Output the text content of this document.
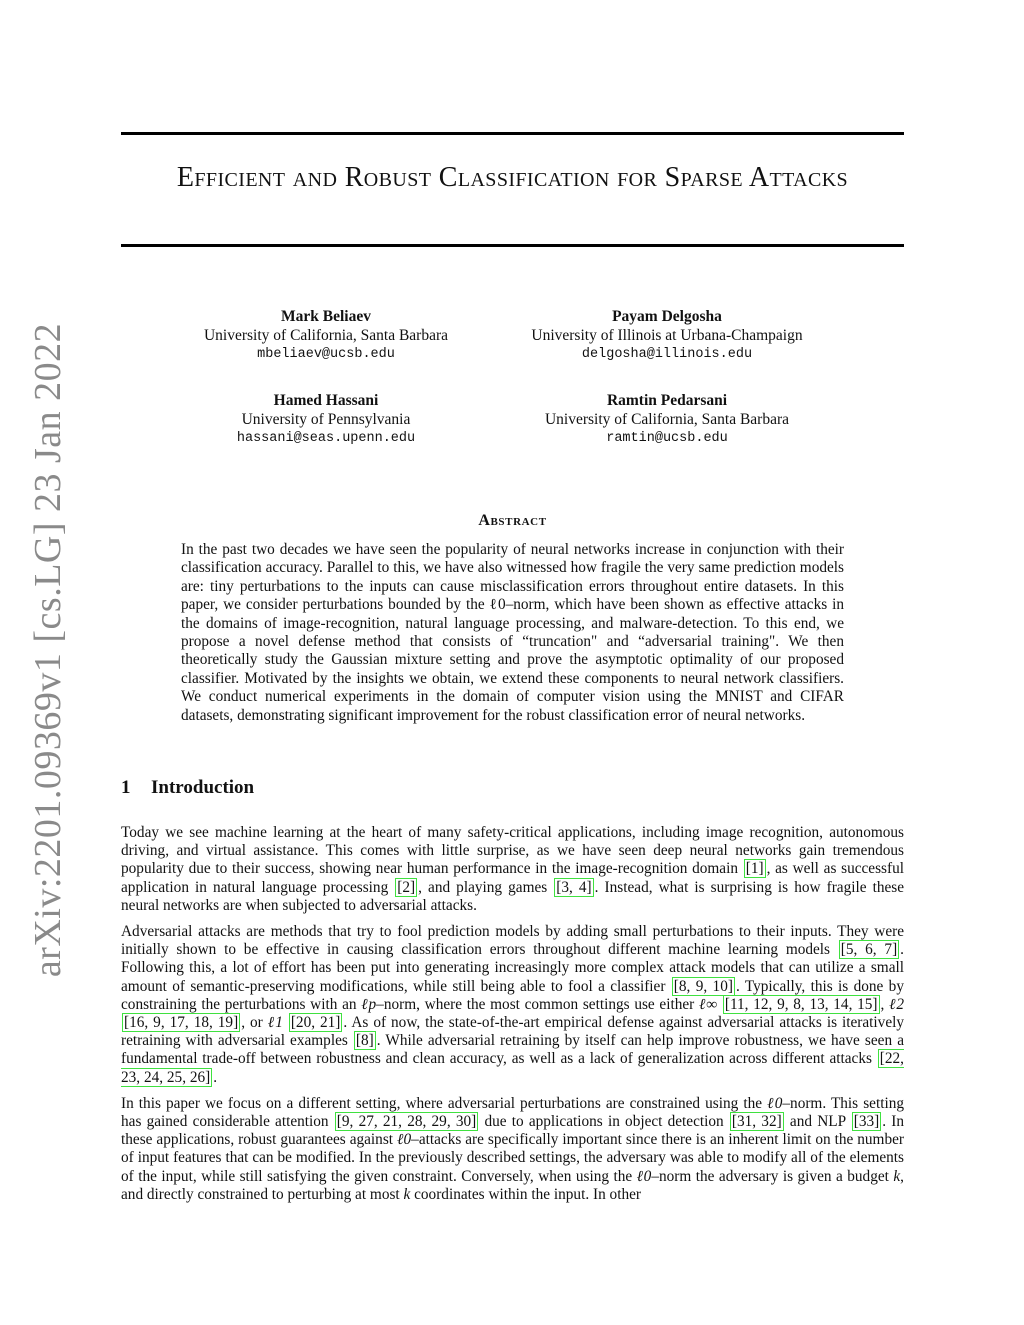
arXiv:2201.09369v1 [cs.LG] 23 Jan 2022
Efficient and Robust Classification for Sparse Attacks
Mark Beliaev
University of California, Santa Barbara
mbeliaev@ucsb.edu
Payam Delgosha
University of Illinois at Urbana-Champaign
delgosha@illinois.edu
Hamed Hassani
University of Pennsylvania
hassani@seas.upenn.edu
Ramtin Pedarsani
University of California, Santa Barbara
ramtin@ucsb.edu
Abstract
In the past two decades we have seen the popularity of neural networks increase in conjunction with their classification accuracy. Parallel to this, we have also witnessed how fragile the very same prediction models are: tiny perturbations to the inputs can cause misclassification errors throughout entire datasets. In this paper, we consider perturbations bounded by the ℓ0–norm, which have been shown as effective attacks in the domains of image-recognition, natural language processing, and malware-detection. To this end, we propose a novel defense method that consists of “truncation" and “adversarial training". We then theoretically study the Gaussian mixture setting and prove the asymptotic optimality of our proposed classifier. Motivated by the insights we obtain, we extend these components to neural network classifiers. We conduct numerical experiments in the domain of computer vision using the MNIST and CIFAR datasets, demonstrating significant improvement for the robust classification error of neural networks.
1 Introduction

Today we see machine learning at the heart of many safety-critical applications, including image recognition, autonomous driving, and virtual assistance. This comes with little surprise, as we have seen deep neural networks gain tremendous popularity due to their success, showing near human performance in the image-recognition domain [1] , as well as successful application in natural language processing [2] , and playing games [3, 4] . Instead, what is surprising is how fragile these neural networks are when subjected to adversarial attacks.

Adversarial attacks are methods that try to fool prediction models by adding small perturbations to their inputs. They were initially shown to be effective in causing classification errors throughout different machine learning models [5, 6, 7] . Following this, a lot of effort has been put into generating increasingly more complex attack models that can utilize a small amount of semantic-preserving modifications, while still being able to fool a classifier [8, 9, 10] . Typically, this is done by constraining the perturbations with an ℓp–norm, where the most common settings use either ℓ∞ [11, 12, 9, 8, 13, 14, 15] , ℓ2 [16, 9, 17, 18, 19] , or ℓ1 [20, 21] . As of now, the state-of-the-art empirical defense against adversarial attacks is iteratively retraining with adversarial examples [8] . While adversarial retraining by itself can help improve robustness, we have seen a fundamental trade-off between robustness and clean accuracy, as well as a lack of generalization across different attacks [22, 23, 24, 25, 26] .

In this paper we focus on a different setting, where adversarial perturbations are constrained using the ℓ0–norm. This setting has gained considerable attention [9, 27, 21, 28, 29, 30] due to applications in object detection [31, 32] and NLP [33] . In these applications, robust guarantees against ℓ0–attacks are specifically important since there is an inherent limit on the number of input features that can be modified. In the previously described settings, the adversary was able to modify all of the elements of the input, while still satisfying the given constraint. Conversely, when using the ℓ0–norm the adversary is given a budget k, and directly constrained to perturbing at most k coordinates within the input. In other
